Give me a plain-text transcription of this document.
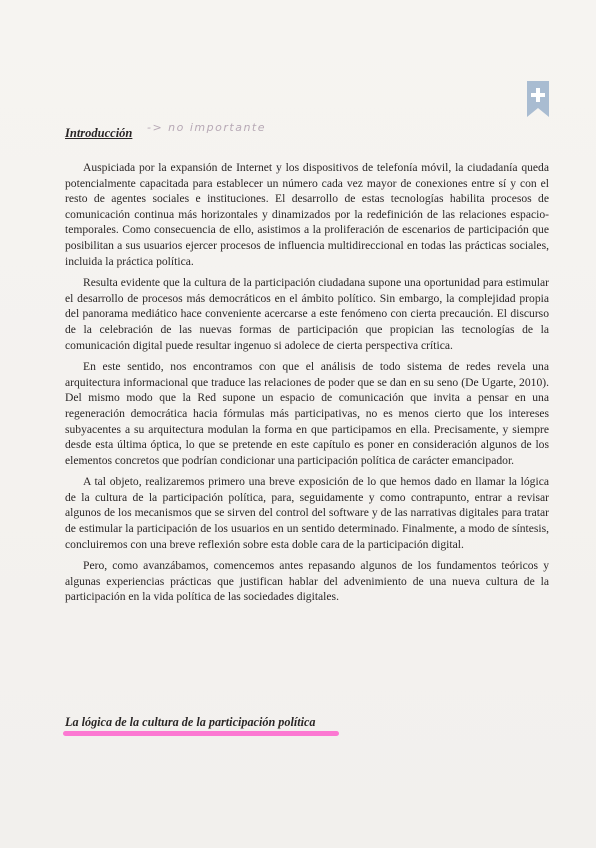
Introducción -> no importante

Auspiciada por la expansión de Internet y los dispositivos de telefonía móvil, la ciudadanía queda potencialmente capacitada para establecer un número cada vez mayor de conexiones entre sí y con el resto de agentes sociales e instituciones. El desarrollo de estas tecnologías habilita procesos de comunicación continua más horizontales y dinamizados por la redefinición de las relaciones espacio-temporales. Como consecuencia de ello, asistimos a la proliferación de escenarios de participación que posibilitan a sus usuarios ejercer procesos de influencia multidireccional en todas las prácticas sociales, incluida la práctica política.

Resulta evidente que la cultura de la participación ciudadana supone una oportunidad para estimular el desarrollo de procesos más democráticos en el ámbito político. Sin embargo, la complejidad propia del panorama mediático hace conveniente acercarse a este fenómeno con cierta precaución. El discurso de la celebración de las nuevas formas de participación que propician las tecnologías de la comunicación digital puede resultar ingenuo si adolece de cierta perspectiva crítica.

En este sentido, nos encontramos con que el análisis de todo sistema de redes revela una arquitectura informacional que traduce las relaciones de poder que se dan en su seno (De Ugarte, 2010). Del mismo modo que la Red supone un espacio de comunicación que invita a pensar en una regeneración democrática hacia fórmulas más participativas, no es menos cierto que los intereses subyacentes a su arquitectura modulan la forma en que participamos en ella. Precisamente, y siempre desde esta última óptica, lo que se pretende en este capítulo es poner en consideración algunos de los elementos concretos que podrían condicionar una participación política de carácter emancipador.

A tal objeto, realizaremos primero una breve exposición de lo que hemos dado en llamar la lógica de la cultura de la participación política, para, seguidamente y como contrapunto, entrar a revisar algunos de los mecanismos que se sirven del control del software y de las narrativas digitales para tratar de estimular la participación de los usuarios en un sentido determinado. Finalmente, a modo de síntesis, concluiremos con una breve reflexión sobre esta doble cara de la participación digital.

Pero, como avanzábamos, comencemos antes repasando algunos de los fundamentos teóricos y algunas experiencias prácticas que justifican hablar del advenimiento de una nueva cultura de la participación en la vida política de las sociedades digitales.

La lógica de la cultura de la participación política
